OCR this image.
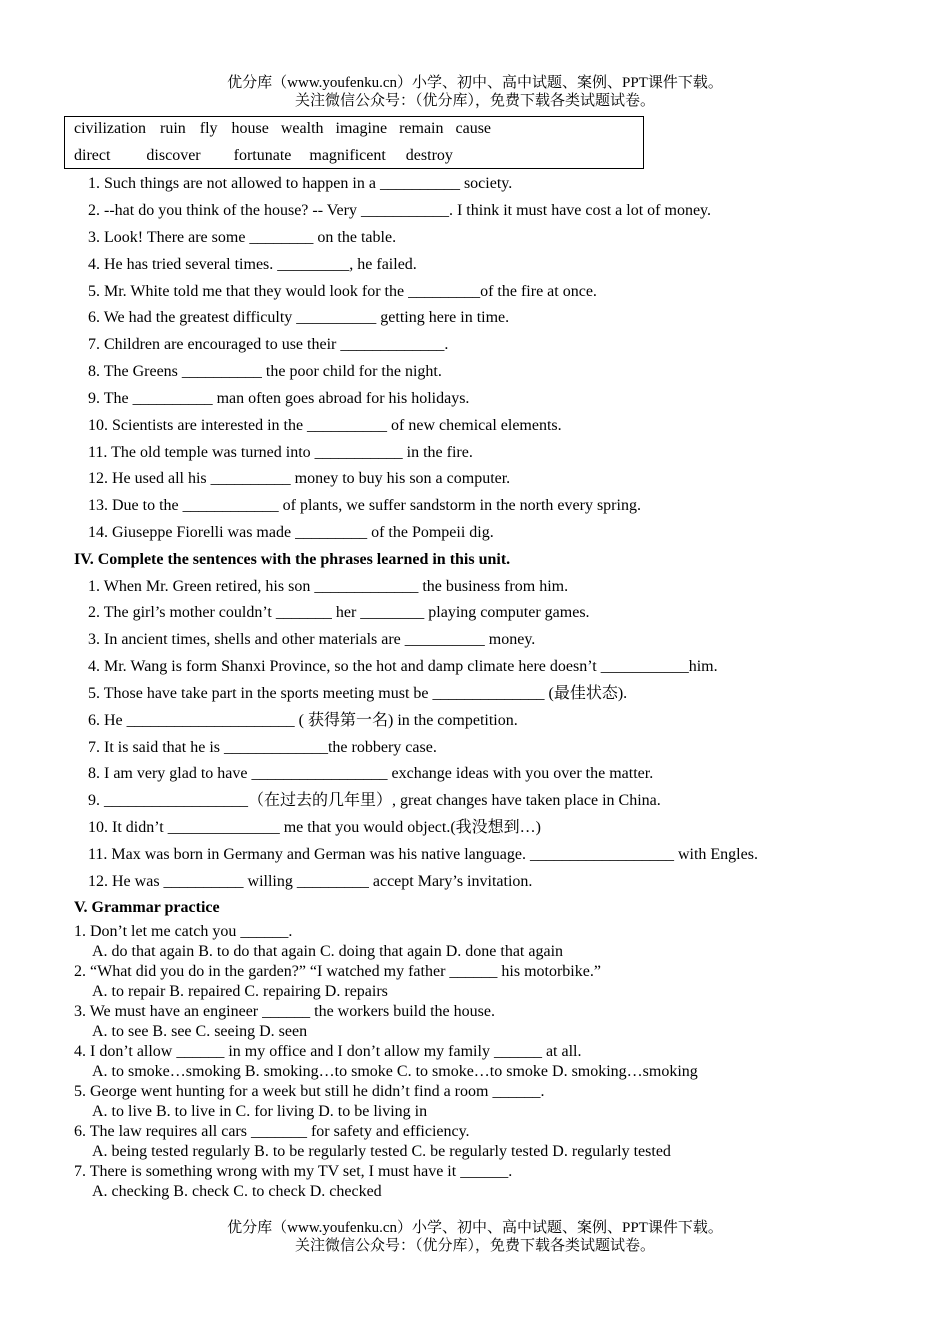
优分库（www.youfenku.cn）小学、初中、高中试题、案例、PPT课件下载。
关注微信公众号：（优分库），免费下载各类试题试卷。
civilization ruin fly house wealth imagine remain cause
direct discover fortunate magnificent destroy
1. Such things are not allowed to happen in a __________ society.
2. --hat do you think of the house? -- Very ___________. I think it must have cost a lot of money.
3. Look! There are some ________ on the table.
4. He has tried several times. _________, he failed.
5. Mr. White told me that they would look for the _________of the fire at once.
6. We had the greatest difficulty __________ getting here in time.
7. Children are encouraged to use their _____________.
8. The Greens __________ the poor child for the night.
9. The __________ man often goes abroad for his holidays.
10. Scientists are interested in the __________ of new chemical elements.
11. The old temple was turned into ___________ in the fire.
12. He used all his __________ money to buy his son a computer.
13. Due to the ____________ of plants, we suffer sandstorm in the north every spring.
14. Giuseppe Fiorelli was made _________ of the Pompeii dig.
IV. Complete the sentences with the phrases learned in this unit.
1. When Mr. Green retired, his son _____________ the business from him.
2. The girl’s mother couldn’t _______ her ________ playing computer games.
3. In ancient times, shells and other materials are __________ money.
4. Mr. Wang is form Shanxi Province, so the hot and damp climate here doesn’t ___________him.
5. Those have take part in the sports meeting must be ______________ (最佳状态).
6. He _____________________ ( 获得第一名) in the competition.
7. It is said that he is _____________the robbery case.
8. I am very glad to have _________________ exchange ideas with you over the matter.
9. __________________（在过去的几年里）, great changes have taken place in China.
10. It didn’t ______________ me that you would object.(我没想到…)
11. Max was born in Germany and German was his native language. __________________ with Engles.
12. He was __________ willing _________ accept Mary’s invitation.
V. Grammar practice
1. Don’t let me catch you ______.
A. do that again B. to do that again C. doing that again D. done that again
2. “What did you do in the garden?” “I watched my father ______ his motorbike.”
A. to repair B. repaired C. repairing D. repairs
3. We must have an engineer ______ the workers build the house.
A. to see B. see C. seeing D. seen
4. I don’t allow ______ in my office and I don’t allow my family ______ at all.
A. to smoke…smoking B. smoking…to smoke C. to smoke…to smoke D. smoking…smoking
5. George went hunting for a week but still he didn’t find a room ______.
A. to live B. to live in C. for living D. to be living in
6. The law requires all cars _______ for safety and efficiency.
A. being tested regularly B. to be regularly tested C. be regularly tested D. regularly tested
7. There is something wrong with my TV set, I must have it ______.
A. checking B. check C. to check D. checked
优分库（www.youfenku.cn）小学、初中、高中试题、案例、PPT课件下载。
关注微信公众号：（优分库），免费下载各类试题试卷。
